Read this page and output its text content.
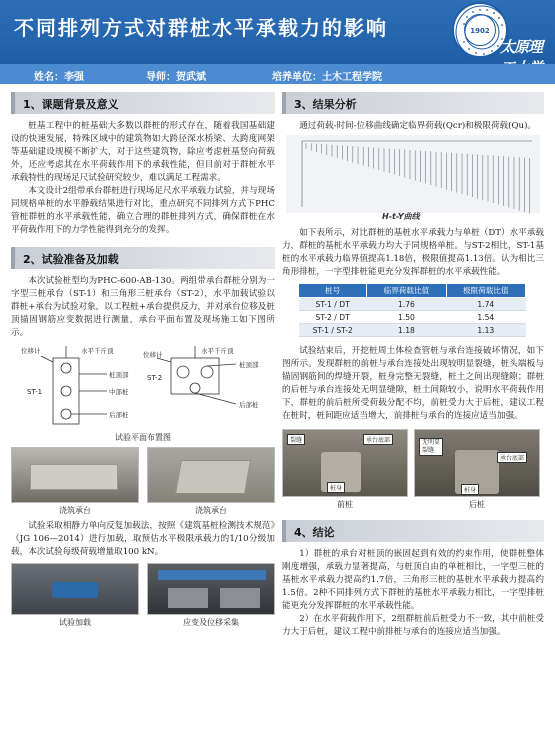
不同排列方式对群桩水平承载力的影响	1902
太原理
姓名：李强	导师：贺武斌	培养单位：土木工程学院
1、课题背景及意义

桩基工程中的桩基础大多数以群桩的形式存在，随着我国基础建设的快速发展，特殊区域中的建筑物如大跨径深水桥梁、大跨度网架等基础建设规模不断扩大，对于这些建筑物，除应考虑桩基竖向荷载外，还应考虑其在水平荷载作用下的承载性能，但目前对于群桩水平承载特性的现场足尺试验研究较少，难以满足工程需求。

本文设计2组带承台群桩进行现场足尺水平承载力试验，并与现场同规格单桩的水平静载结果进行对比，重点研究不同排列方式下PHC管桩群桩的水平承载性能，确立合理的群桩排列方式，确保群桩在水平荷载作用下的力学性能得到充分的发挥。

2、试验准备及加载

本次试验桩型均为PHC-600-AB-130。两组带承台群桩分别为一字型三桩承台（ST-1）和三角形三桩承台（ST-2），水平加载试验以群桩+承台为试验对象，以工程桩+承台提供反力，并对承台位移及桩顶锚固钢筋应变数据进行测量，承台平面布置及现场施工如下图所示。

位移计	水平千斤顶
桩顶部
中部桩
后部桩
ST-1
ST-2
位移计	水平千斤顶
桩顶部
后部桩
试验平面布置图
浇筑承台	浇筑承台

试验采取相静力单向反复加载法，按照《建筑基桩检测技术规范》（JG 106—2014）进行加载，取预估水平极限承载力的1/10分级加载，本次试验每级荷载增量取100 kN。

试验加载	应变及位移采集
3、结果分析

通过荷载-时间-位移曲线确定临界荷载(Qcr)和极限荷载(Qu)。

H-t-Y曲线

如下表所示，对比群桩的基桩水平承载力与单桩（DT）水平承载力，群桩的基桩水平承载力均大于同规格单桩。与ST-2相比，ST-1基桩的水平承载力临界值提高1.18倍，极限值提高1.13倍。认为相比三角形排桩，一字型排桩能更充分发挥群桩的水平承载性能。

桩号	临界荷载比值	极限荷载比值
ST-1 / DT	1.76	1.74
ST-2 / DT	1.50	1.54
ST-1 / ST-2	1.18	1.13

试验结束后，开挖桩周土体检查管桩与承台连接破坏情况，如下图所示。发现群桩的前桩与承台连接处出现较明显裂缝，桩头端板与锚固钢筋间的焊缝开裂，桩身完整无裂缝，桩土之间出现缝隙；群桩的后桩与承台连接处无明显缝隙，桩土间隙较小，说明水平荷载作用下，群桩的前后桩所受荷载分配不均，前桩受力大于后桩，建议工程在桩时，桩间距应适当增大，前排桩与承台的连接应适当加强。

裂缝	承台底部
桩身
前桩
无明显裂缝
承台底部
桩身
后桩
4、结论

1）群桩的承台对桩顶的嵌固起到有效的约束作用，使群桩整体刚度增强，承载力显著提高，与桩顶自由的单桩相比，一字型三桩的基桩水平承载力提高约1.7倍，三角形三桩的基桩水平承载力提高约1.5倍。2种不同排列方式下群桩的基桩水平承载力相比，一字型排桩能更充分发挥群桩的水平承载性能。

2）在水平荷载作用下，2组群桩前后桩受力不一致，其中前桩受力大于后桩，建议工程中前排桩与承台的连接应适当加强。
